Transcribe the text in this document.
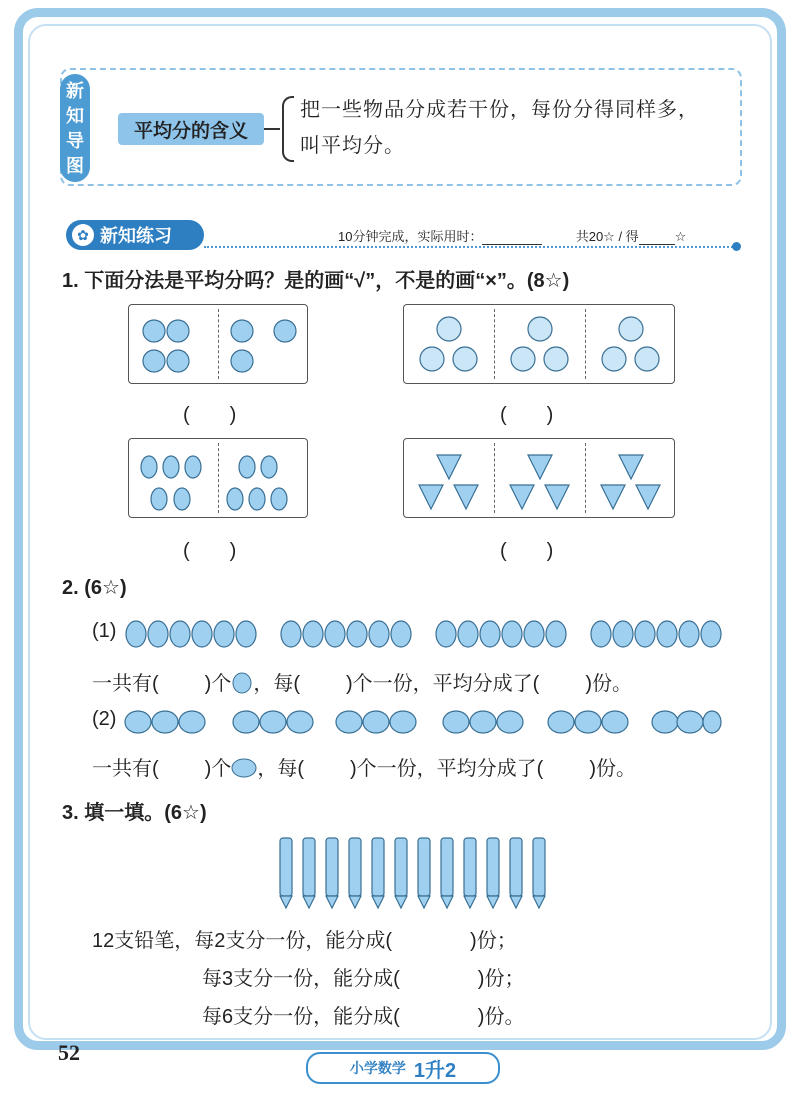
新
知
导
图
平均分的含义
把一些物品分成若干份，每份分得同样多，
叫平均分。
✿ 新知练习	10分钟完成，实际用时：	共20☆ / 得	☆
1. 下面分法是平均分吗？是的画“√”，不是的画“×”。(8☆)
(　　)	(　　)
(　　)	(　　)
2. (6☆)
(1)
一共有( )个 ，每( )个一份，平均分成了( )份。
(2)
一共有( )个 ，每( )个一份，平均分成了( )份。
3. 填一填。(6☆)
12支铅笔，每2支分一份，能分成(	)份；
每3支分一份，能分成(	)份；
每6支分一份，能分成(	)份。
52
小学数学 1升2
